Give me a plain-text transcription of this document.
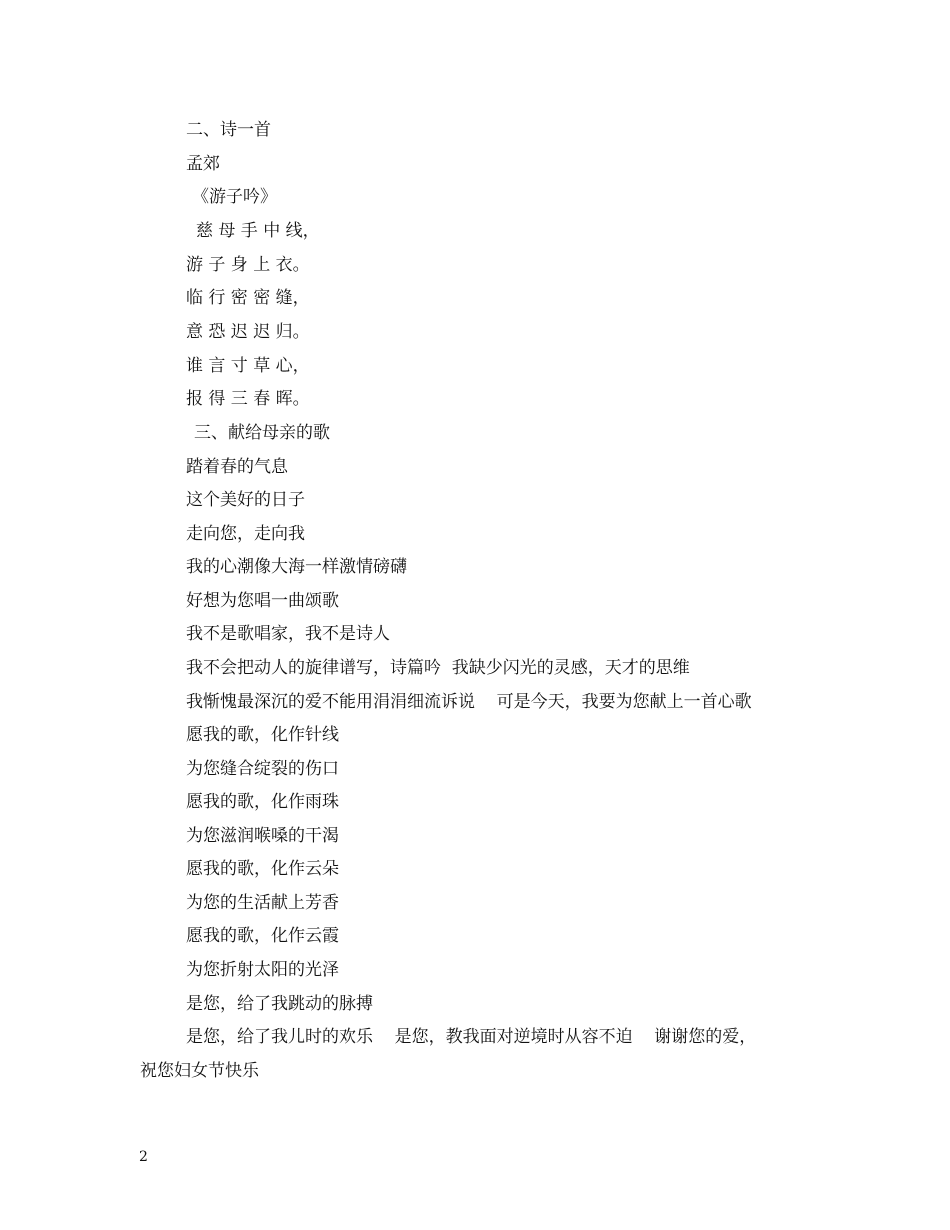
二、诗一首
孟郊
《游子吟》
慈 母 手 中 线，
游 子 身 上 衣。
临 行 密 密 缝，
意 恐 迟 迟 归。
谁 言 寸 草 心，
报 得 三 春 晖。
三、献给母亲的歌
踏着春的气息
这个美好的日子
走向您，走向我
我的心潮像大海一样激情磅礴
好想为您唱一曲颂歌
我不是歌唱家，我不是诗人
我不会把动人的旋律谱写，诗篇吟  我缺少闪光的灵感，天才的思维
我惭愧最深沉的爱不能用涓涓细流诉说    可是今天，我要为您献上一首心歌
愿我的歌，化作针线
为您缝合绽裂的伤口
愿我的歌，化作雨珠
为您滋润喉嗓的干渴
愿我的歌，化作云朵
为您的生活献上芳香
愿我的歌，化作云霞
为您折射太阳的光泽
是您，给了我跳动的脉搏
是您，给了我儿时的欢乐    是您，教我面对逆境时从容不迫    谢谢您的爱，
祝您妇女节快乐
2
